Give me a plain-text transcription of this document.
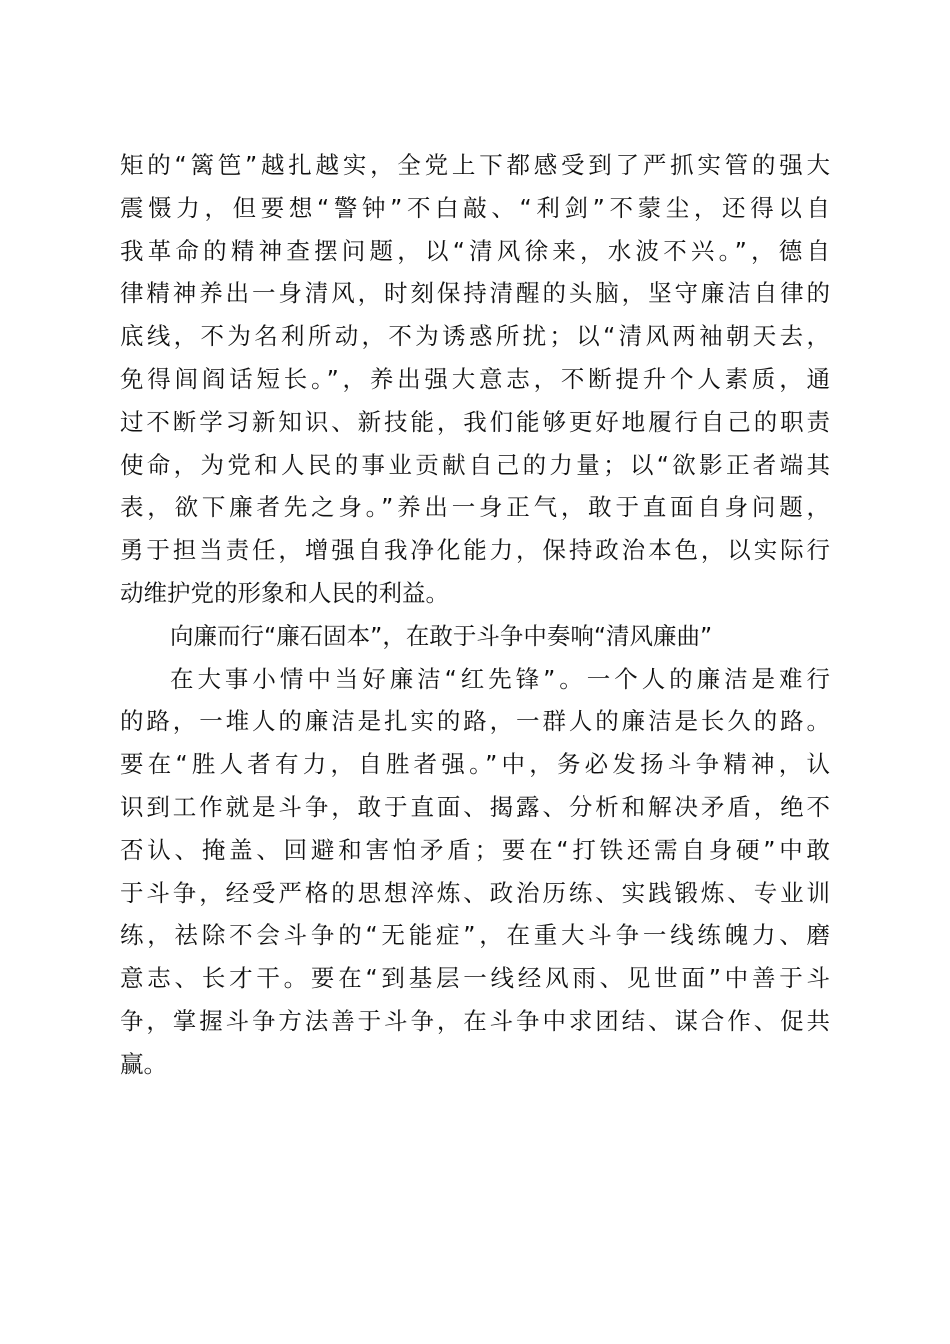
矩的“篱笆”越扎越实，全党上下都感受到了严抓实管的强大
震慑力，但要想“警钟”不白敲、“利剑”不蒙尘，还得以自
我革命的精神查摆问题，以“清风徐来，水波不兴。”，德自
律精神养出一身清风，时刻保持清醒的头脑，坚守廉洁自律的
底线，不为名利所动，不为诱惑所扰；以“清风两袖朝天去，
免得闾阎话短长。”，养出强大意志，不断提升个人素质，通
过不断学习新知识、新技能，我们能够更好地履行自己的职责
使命，为党和人民的事业贡献自己的力量；以“欲影正者端其
表，欲下廉者先之身。”养出一身正气，敢于直面自身问题，
勇于担当责任，增强自我净化能力，保持政治本色，以实际行
动维护党的形象和人民的利益。
向廉而行“廉石固本”，在敢于斗争中奏响“清风廉曲”
在大事小情中当好廉洁“红先锋”。一个人的廉洁是难行
的路，一堆人的廉洁是扎实的路，一群人的廉洁是长久的路。
要在“胜人者有力，自胜者强。”中，务必发扬斗争精神，认
识到工作就是斗争，敢于直面、揭露、分析和解决矛盾，绝不
否认、掩盖、回避和害怕矛盾；要在“打铁还需自身硬”中敢
于斗争，经受严格的思想淬炼、政治历练、实践锻炼、专业训
练，祛除不会斗争的“无能症”，在重大斗争一线练魄力、磨
意志、长才干。要在“到基层一线经风雨、见世面”中善于斗
争，掌握斗争方法善于斗争，在斗争中求团结、谋合作、促共
赢。
